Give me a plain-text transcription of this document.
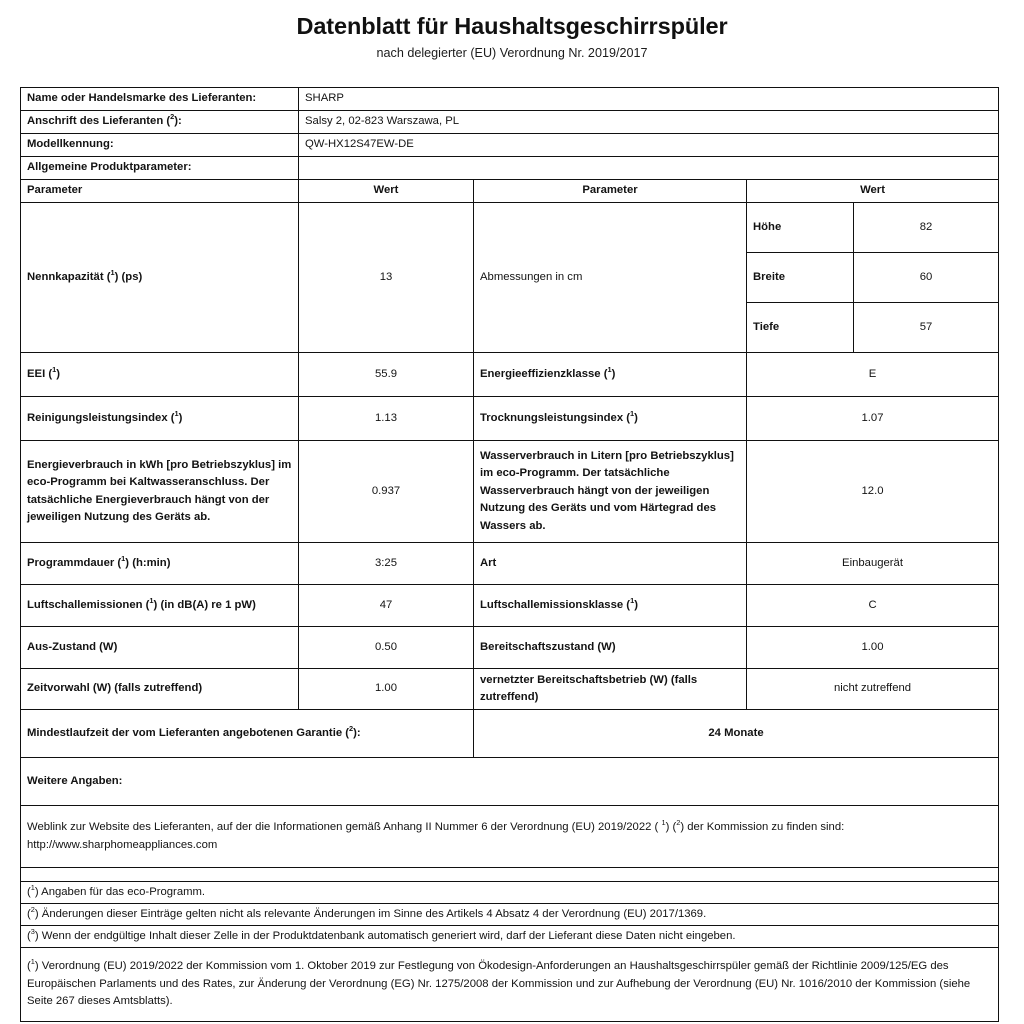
Datenblatt für Haushaltsgeschirrspüler

nach delegierter (EU) Verordnung Nr. 2019/2017

Name oder Handelsmarke des Lieferanten:	SHARP			
Anschrift des Lieferanten ($^2$):	Salsy 2, 02-823 Warszawa, PL			
Modellkennung:	QW-HX12S47EW-DE			
Allgemeine Produktparameter:				
Parameter	Wert	Parameter	Wert	
Nennkapazität ($^1$) (ps)	13	Abmessungen in cm	Höhe	82
			Breite	60
			Tiefe	57
EEI ($^1$)	55.9	Energieeffizienzklasse ($^1$)	E	
Reinigungsleistungsindex ($^1$)	1.13	Trocknungsleistungsindex ($^1$)	1.07	
Energieverbrauch in kWh [pro Betriebszyklus] im eco-Programm bei Kaltwasseranschluss. Der tatsächliche Energieverbrauch hängt von der jeweiligen Nutzung des Geräts ab.	0.937	Wasserverbrauch in Litern [pro Betriebszyklus] im eco-Programm. Der tatsächliche Wasserverbrauch hängt von der jeweiligen Nutzung des Geräts und vom Härtegrad des Wassers ab.	12.0	
Programmdauer ($^1$) (h:min)	3:25	Art	Einbaugerät	
Luftschallemissionen ($^1$) (in dB(A) re 1 pW)	47	Luftschallemissionsklasse ($^1$)	C	
Aus-Zustand (W)	0.50	Bereitschaftszustand (W)	1.00	
Zeitvorwahl (W) (falls zutreffend)	1.00	vernetzter Bereitschaftsbetrieb (W) (falls zutreffend)	nicht zutreffend	
Mindestlaufzeit der vom Lieferanten angebotenen Garantie ($^2$):		24 Monate		
Weitere Angaben:				
Weblink zur Website des Lieferanten, auf der die Informationen gemäß Anhang II Nummer 6 der Verordnung (EU) 2019/2022 ( $^1$) ($^2$) der Kommission zu finden sind: http://www.sharphomeappliances.com				

($^1$) Angaben für das eco-Programm.				
($^2$) Änderungen dieser Einträge gelten nicht als relevante Änderungen im Sinne des Artikels 4 Absatz 4 der Verordnung (EU) 2017/1369.				
($^3$) Wenn der endgültige Inhalt dieser Zelle in der Produktdatenbank automatisch generiert wird, darf der Lieferant diese Daten nicht eingeben.				
($^1$) Verordnung (EU) 2019/2022 der Kommission vom 1. Oktober 2019 zur Festlegung von Ökodesign-Anforderungen an Haushaltsgeschirrspüler gemäß der Richtlinie 2009/125/EG des Europäischen Parlaments und des Rates, zur Änderung der Verordnung (EG) Nr. 1275/2008 der Kommission und zur Aufhebung der Verordnung (EU) Nr. 1016/2010 der Kommission (siehe Seite 267 dieses Amtsblatts).				
